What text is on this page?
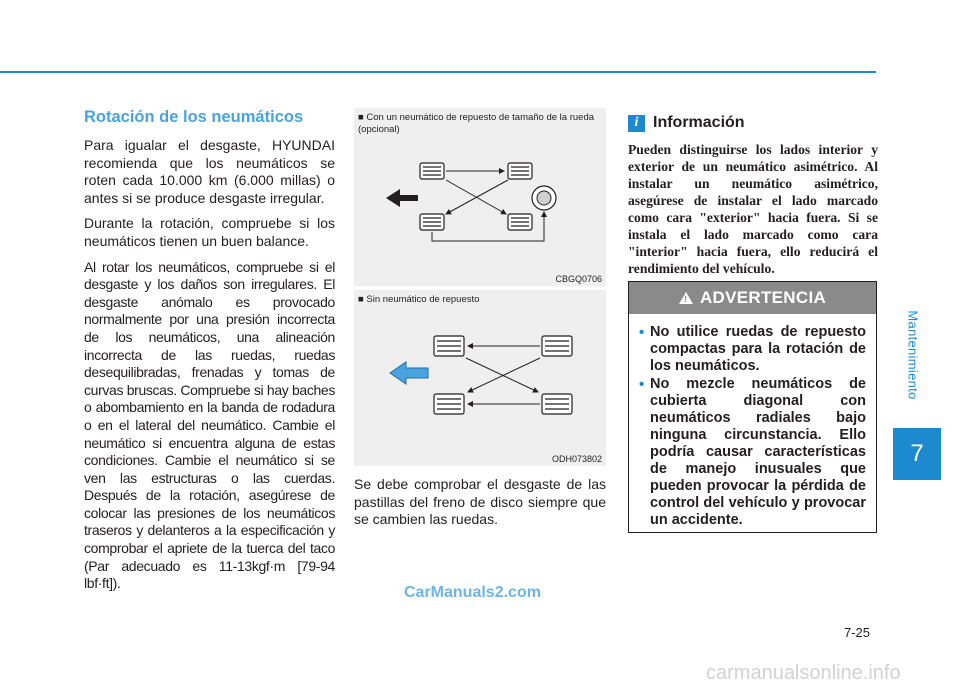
Mantenimiento
7
Rotación de los neumáticos

Para igualar el desgaste, HYUNDAI recomienda que los neumáticos se roten cada 10.000 km (6.000 millas) o antes si se produce desgaste irregular.

Durante la rotación, compruebe si los neumáticos tienen un buen balance.

Al rotar los neumáticos, compruebe si el desgaste y los daños son irregulares. El desgaste anómalo es provocado normalmente por una presión incorrecta de los neumáticos, una alineación incorrecta de las ruedas, ruedas desequilibradas, frenadas y tomas de curvas bruscas. Compruebe si hay baches o abombamiento en la banda de rodadura o en el lateral del neumático. Cambie el neumático si encuentra alguna de estas condiciones. Cambie el neumático si se ven las estructuras o las cuerdas. Después de la rotación, asegúrese de colocar las presiones de los neumáticos traseros y delanteros a la especificación y comprobar el apriete de la tuerca del taco (Par adecuado es 11-13kgf·m [79-94 lbf·ft]).

■ Con un neumático de repuesto de tamaño de la rueda (opcional)
CBGQ0706
■ Sin neumático de repuesto
ODH073802

Se debe comprobar el desgaste de las pastillas del freno de disco siempre que se cambien las ruedas.

i Información
Pueden distinguirse los lados interior y exterior de un neumático asimétrico. Al instalar un neumático asimétrico, asegúrese de instalar el lado marcado como cara "exterior" hacia fuera. Si se instala el lado marcado como cara "interior" hacia fuera, ello reducirá el rendimiento del vehículo.
! ADVERTENCIA
• No utilice ruedas de repuesto compactas para la rotación de los neumáticos.
• No mezcle neumáticos de cubierta diagonal con neumáticos radiales bajo ninguna circunstancia. Ello podría causar características de manejo inusuales que pueden provocar la pérdida de control del vehículo y provocar un accidente.
CarManuals2.com
7-25
carmanualsonline.info
